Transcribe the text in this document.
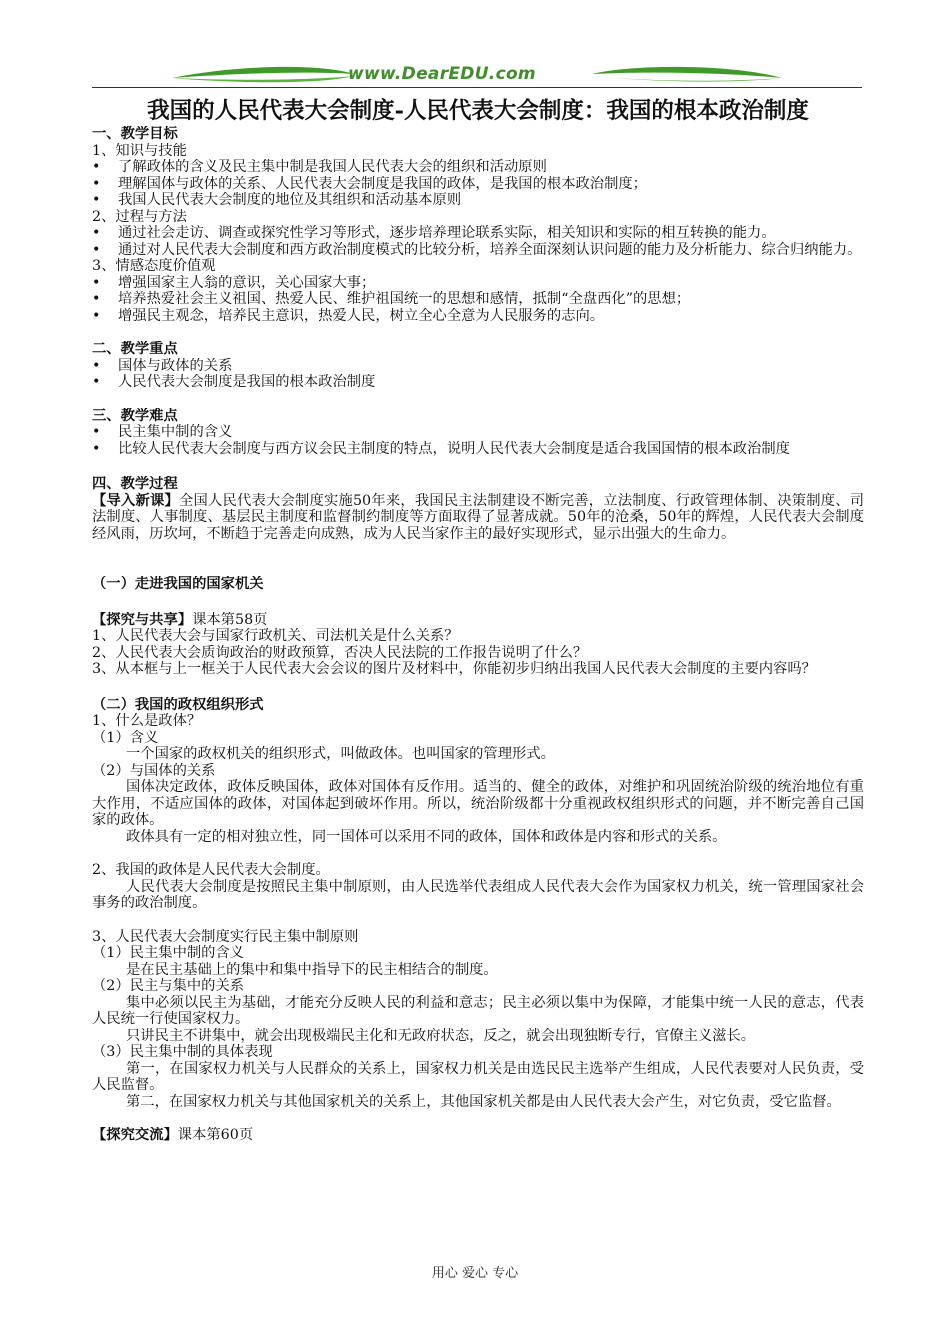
www.DearEDU.com
我国的人民代表大会制度-人民代表大会制度：我国的根本政治制度

一、教学目标

1、知识与技能

• 了解政体的含义及民主集中制是我国人民代表大会的组织和活动原则

• 理解国体与政体的关系、人民代表大会制度是我国的政体，是我国的根本政治制度；

• 我国人民代表大会制度的地位及其组织和活动基本原则

2、过程与方法

• 通过社会走访、调查或探究性学习等形式，逐步培养理论联系实际，相关知识和实际的相互转换的能力。

• 通过对人民代表大会制度和西方政治制度模式的比较分析，培养全面深刻认识问题的能力及分析能力、综合归纳能力。

3、情感态度价值观

• 增强国家主人翁的意识，关心国家大事；

• 培养热爱社会主义祖国、热爱人民、维护祖国统一的思想和感情，抵制“全盘西化”的思想；

• 增强民主观念，培养民主意识，热爱人民，树立全心全意为人民服务的志向。

二、教学重点

• 国体与政体的关系

• 人民代表大会制度是我国的根本政治制度

三、教学难点

• 民主集中制的含义

• 比较人民代表大会制度与西方议会民主制度的特点，说明人民代表大会制度是适合我国国情的根本政治制度

四、教学过程

【导入新课】全国人民代表大会制度实施50年来，我国民主法制建设不断完善，立法制度、行政管理体制、决策制度、司法制度、人事制度、基层民主制度和监督制约制度等方面取得了显著成就。50年的沧桑，50年的辉煌，人民代表大会制度经风雨，历坎坷，不断趋于完善走向成熟，成为人民当家作主的最好实现形式，显示出强大的生命力。

（一）走进我国的国家机关

【探究与共享】课本第58页

1、人民代表大会与国家行政机关、司法机关是什么关系？

2、人民代表大会质询政治的财政预算，否决人民法院的工作报告说明了什么？

3、从本框与上一框关于人民代表大会会议的图片及材料中，你能初步归纳出我国人民代表大会制度的主要内容吗？

（二）我国的政权组织形式

1、什么是政体？

（1）含义

一个国家的政权机关的组织形式，叫做政体。也叫国家的管理形式。

（2）与国体的关系

国体决定政体，政体反映国体，政体对国体有反作用。适当的、健全的政体，对维护和巩固统治阶级的统治地位有重大作用，不适应国体的政体，对国体起到破坏作用。所以，统治阶级都十分重视政权组织形式的问题，并不断完善自己国家的政体。

政体具有一定的相对独立性，同一国体可以采用不同的政体，国体和政体是内容和形式的关系。

2、我国的政体是人民代表大会制度。

人民代表大会制度是按照民主集中制原则，由人民选举代表组成人民代表大会作为国家权力机关，统一管理国家社会事务的政治制度。

3、人民代表大会制度实行民主集中制原则

（1）民主集中制的含义

是在民主基础上的集中和集中指导下的民主相结合的制度。

（2）民主与集中的关系

集中必须以民主为基础，才能充分反映人民的利益和意志；民主必须以集中为保障，才能集中统一人民的意志，代表人民统一行使国家权力。

只讲民主不讲集中，就会出现极端民主化和无政府状态，反之，就会出现独断专行，官僚主义滋长。

（3）民主集中制的具体表现

第一，在国家权力机关与人民群众的关系上，国家权力机关是由选民民主选举产生组成，人民代表要对人民负责，受人民监督。

第二，在国家权力机关与其他国家机关的关系上，其他国家机关都是由人民代表大会产生，对它负责，受它监督。

【探究交流】课本第60页

用心 爱心 专心
